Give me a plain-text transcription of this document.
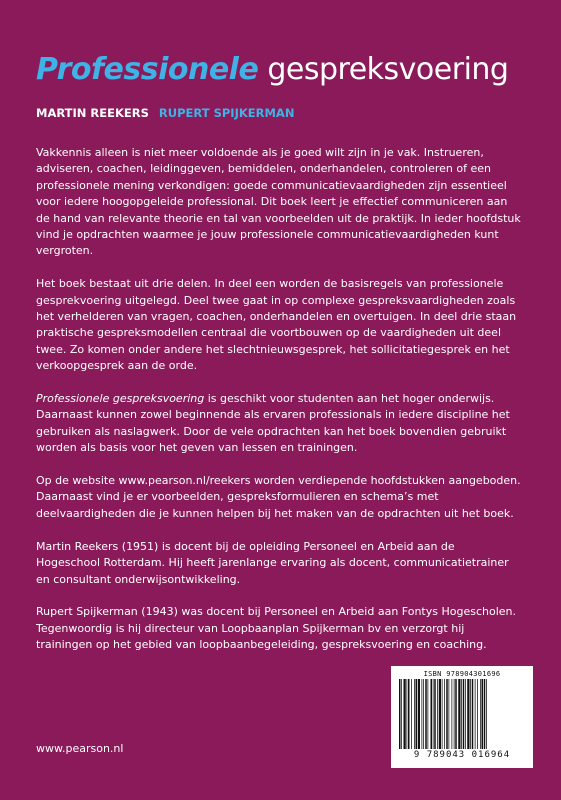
Professionele gespreksvoering
MARTIN REEKERS RUPERT SPIJKERMAN

Vakkennis alleen is niet meer voldoende als je goed wilt zijn in je vak. Instrueren, adviseren, coachen, leidinggeven, bemiddelen, onderhandelen, controleren of een professionele mening verkondigen: goede communicatievaardigheden zijn essentieel voor iedere hoogopgeleide professional. Dit boek leert je effectief communiceren aan de hand van relevante theorie en tal van voorbeelden uit de praktijk. In ieder hoofdstuk vind je opdrachten waarmee je jouw professionele communicatievaardigheden kunt vergroten.

Het boek bestaat uit drie delen. In deel een worden de basisregels van professionele gesprekvoering uitgelegd. Deel twee gaat in op complexe gespreksvaardigheden zoals het verhelderen van vragen, coachen, onderhandelen en overtuigen. In deel drie staan praktische gespreksmodellen centraal die voortbouwen op de vaardigheden uit deel twee. Zo komen onder andere het slechtnieuwsgesprek, het sollicitatiegesprek en het verkoopgesprek aan de orde.

Professionele gespreksvoering is geschikt voor studenten aan het hoger onderwijs. Daarnaast kunnen zowel beginnende als ervaren professionals in iedere discipline het gebruiken als naslagwerk. Door de vele opdrachten kan het boek bovendien gebruikt worden als basis voor het geven van lessen en trainingen.

Op de website www.pearson.nl/reekers worden verdiepende hoofdstukken aangeboden. Daarnaast vind je er voorbeelden, gespreksformulieren en schema’s met deelvaardigheden die je kunnen helpen bij het maken van de opdrachten uit het boek.

Martin Reekers (1951) is docent bij de opleiding Personeel en Arbeid aan de Hogeschool Rotterdam. Hij heeft jarenlange ervaring als docent, communicatietrainer en consultant onderwijsontwikkeling.

Rupert Spijkerman (1943) was docent bij Personeel en Arbeid aan Fontys Hogescholen. Tegenwoordig is hij directeur van Loopbaanplan Spijkerman bv en verzorgt hij trainingen op het gebied van loopbaanbegeleiding, gespreksvoering en coaching.

www.pearson.nl
ISBN 978904301696
9 789043 016964
